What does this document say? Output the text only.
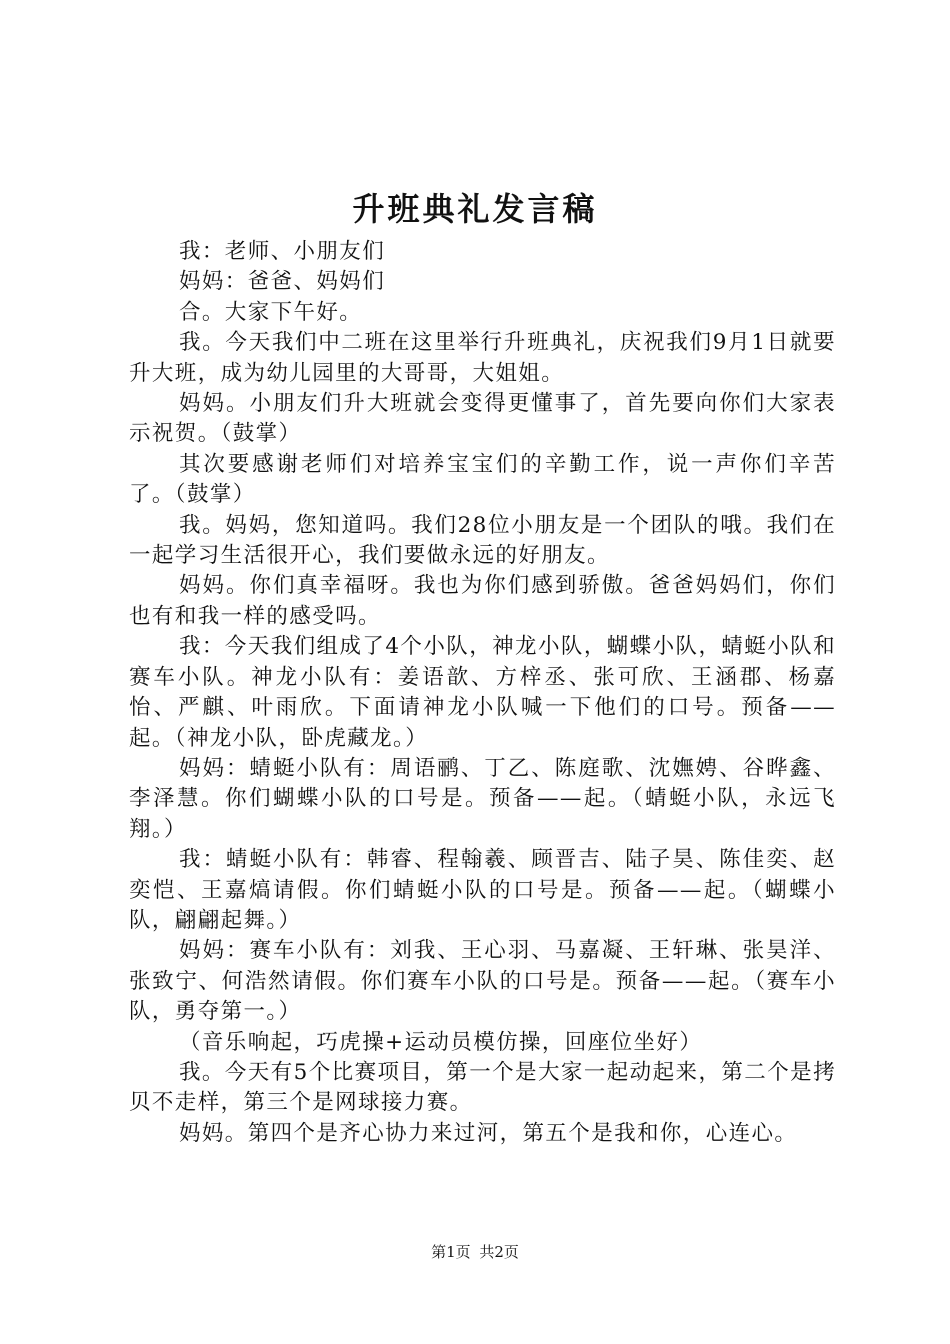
升班典礼发言稿

我：老师、小朋友们

妈妈：爸爸、妈妈们

合。大家下午好。

我。今天我们中二班在这里举行升班典礼，庆祝我们9月1日就要升大班，成为幼儿园里的大哥哥，大姐姐。

妈妈。小朋友们升大班就会变得更懂事了，首先要向你们大家表示祝贺。（鼓掌）

其次要感谢老师们对培养宝宝们的辛勤工作，说一声你们辛苦了。（鼓掌）

我。妈妈，您知道吗。我们28位小朋友是一个团队的哦。我们在一起学习生活很开心，我们要做永远的好朋友。

妈妈。你们真幸福呀。我也为你们感到骄傲。爸爸妈妈们，你们也有和我一样的感受吗。

我：今天我们组成了4个小队，神龙小队，蝴蝶小队，蜻蜓小队和赛车小队。神龙小队有：姜语歆、方梓丞、张可欣、王涵郡、杨嘉怡、严麒、叶雨欣。下面请神龙小队喊一下他们的口号。预备——起。（神龙小队，卧虎藏龙。）

妈妈：蜻蜓小队有：周语鹂、丁乙、陈庭歌、沈嫵娉、谷晔鑫、李泽慧。你们蝴蝶小队的口号是。预备——起。（蜻蜓小队，永远飞翔。）

我：蜻蜓小队有：韩睿、程翰羲、顾晋吉、陆子昊、陈佳奕、赵奕恺、王嘉熇请假。你们蜻蜓小队的口号是。预备——起。（蝴蝶小队，翩翩起舞。）

妈妈：赛车小队有：刘我、王心羽、马嘉凝、王轩琳、张昊洋、张致宁、何浩然请假。你们赛车小队的口号是。预备——起。（赛车小队，勇夺第一。）

（音乐响起，巧虎操+运动员模仿操，回座位坐好）

我。今天有5个比赛项目，第一个是大家一起动起来，第二个是拷贝不走样，第三个是网球接力赛。

妈妈。第四个是齐心协力来过河，第五个是我和你，心连心。

第1页 共2页
